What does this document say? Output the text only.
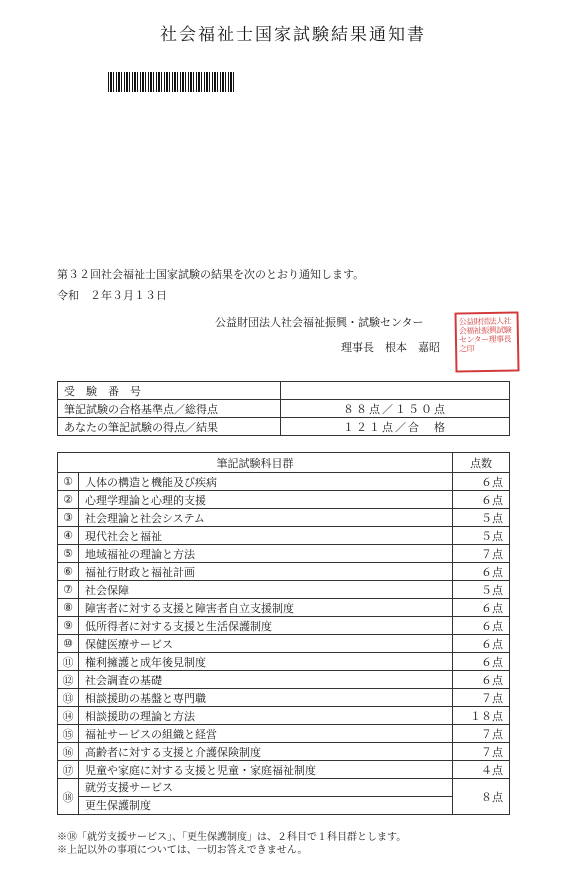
社会福祉士国家試験結果通知書
第３２回社会福祉士国家試験の結果を次のとおり通知します。
令和　２年３月１３日
公益財団法人社会福祉振興・試験センター
理事長　根本　嘉昭
公益財団法人社会福祉振興試験センター理事長之印
受　験　番　号	
筆記試験の合格基準点／総得点	８８点／１５０点
あなたの筆記試験の得点／結果	１２１点／合　格
筆記試験科目群		点数
①	人体の構造と機能及び疾病	６点
②	心理学理論と心理的支援	６点
③	社会理論と社会システム	５点
④	現代社会と福祉	５点
⑤	地域福祉の理論と方法	７点
⑥	福祉行財政と福祉計画	６点
⑦	社会保障	５点
⑧	障害者に対する支援と障害者自立支援制度	６点
⑨	低所得者に対する支援と生活保護制度	６点
⑩	保健医療サービス	６点
⑪	権利擁護と成年後見制度	６点
⑫	社会調査の基礎	６点
⑬	相談援助の基盤と専門職	７点
⑭	相談援助の理論と方法	１８点
⑮	福祉サービスの組織と経営	７点
⑯	高齢者に対する支援と介護保険制度	７点
⑰	児童や家庭に対する支援と児童・家庭福祉制度	４点
⑱	就労支援サービス
更生保護制度	８点
※⑱「就労支援サービス」、「更生保護制度」は、２科目で１科目群とします。
※上記以外の事項については、一切お答えできません。
